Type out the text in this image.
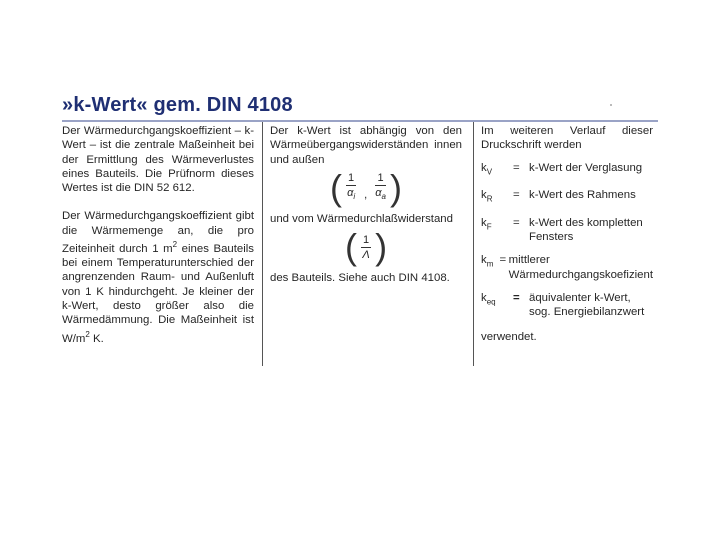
»k-Wert« gem. DIN 4108

Der Wärmedurchgangskoeffizient – k-Wert – ist die zentrale Maßeinheit bei der Ermittlung des Wärmeverlustes eines Bauteils. Die Prüfnorm dieses Wertes ist die DIN 52 612.

Der Wärmedurchgangskoeffizient gibt die Wärmemenge an, die pro Zeiteinheit durch 1 $m^2$ eines Bauteils bei einem Temperaturunterschied der angrenzenden Raum- und Außenluft von 1 K hindurchgeht. Je kleiner der k-Wert, desto größer also die Wärmedämmung. Die Maßeinheit ist $W/m^2$ K.

Der k-Wert ist abhängig von den Wärmeübergangswiderständen innen und außen

( $\frac{1}{\alpha_i}$ , $\frac{1}{\alpha_a}$ )

und vom Wärmedurchlaßwiderstand

( $\frac{1}{\Lambda}$ )

des Bauteils. Siehe auch DIN 4108.

Im weiteren Verlauf dieser Druckschrift werden

$k_V$	= k-Wert der Verglasung
$k_R$	= k-Wert des Rahmens
$k_F$	= k-Wert des kompletten Fensters
$k_m$ = mittlerer Wärmedurchgangskoefizient
$k_{eq}$	= äquivalenter k-Wert, sog. Energiebilanzwert

verwendet.
